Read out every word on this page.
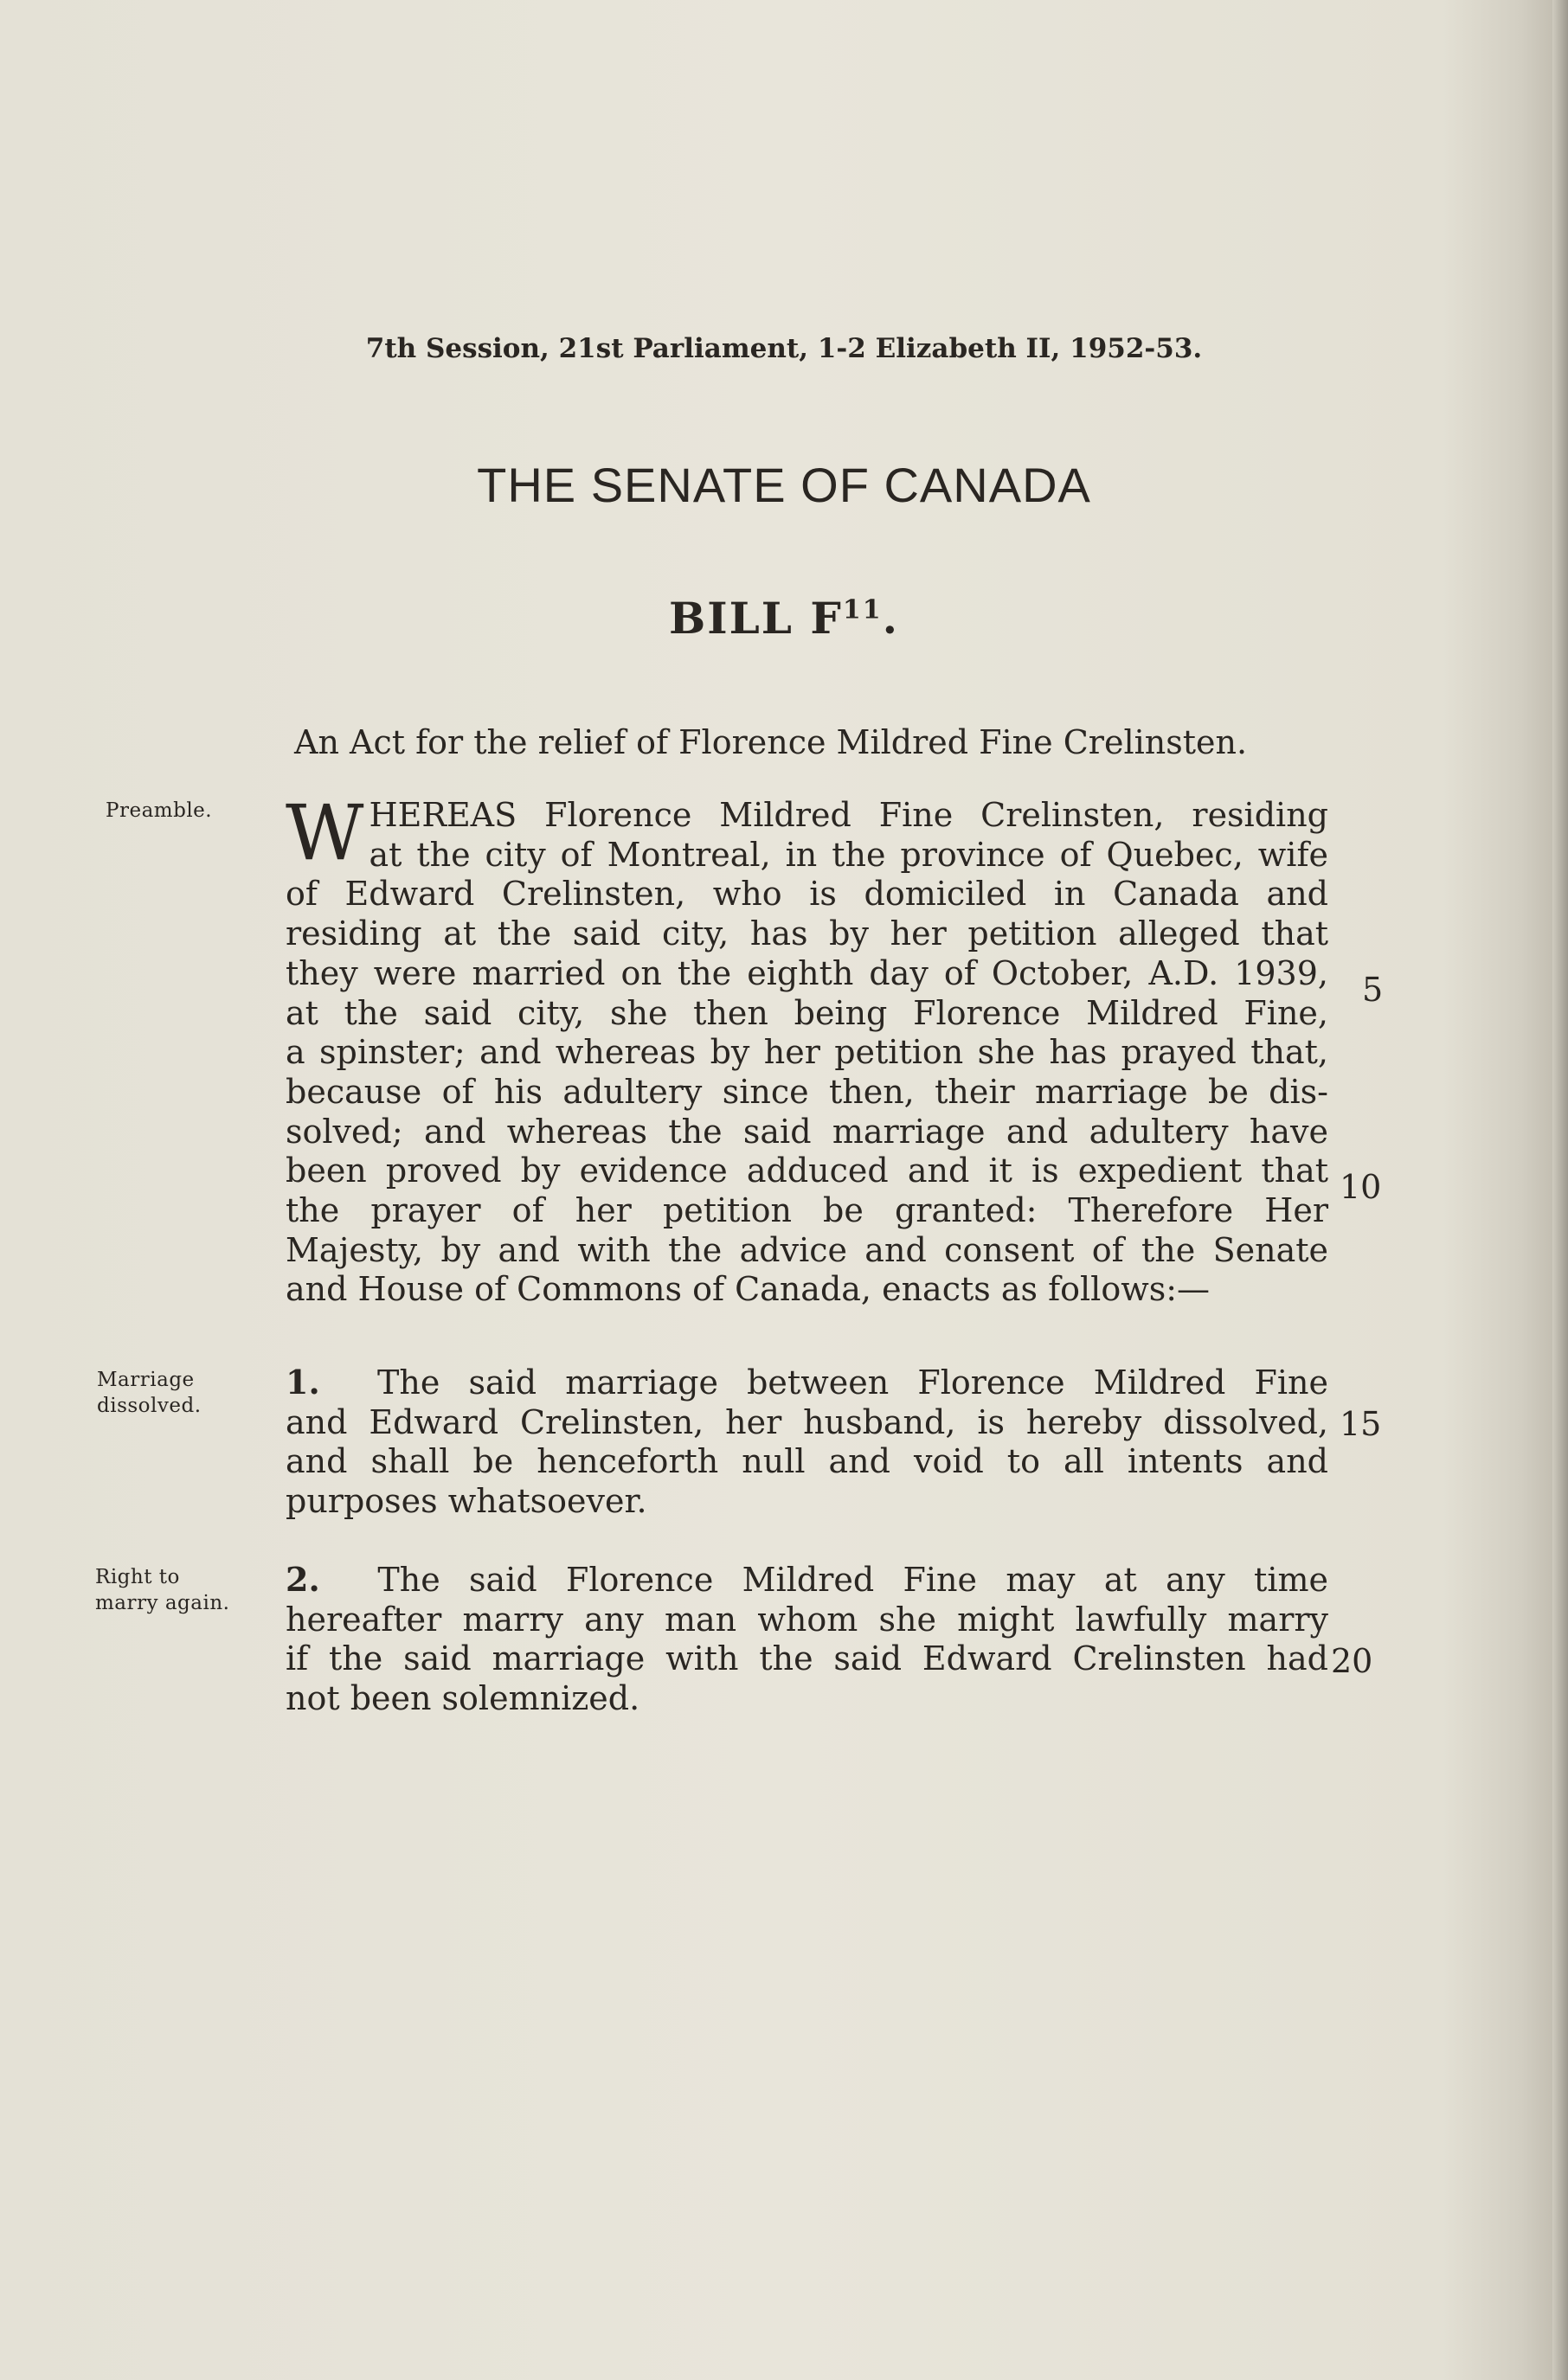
7th Session, 21st Parliament, 1-2 Elizabeth II, 1952-53.
THE SENATE OF CANADA
BILL $F^{11}$.
An Act for the relief of Florence Mildred Fine Crelinsten.
Preamble. W HEREAS Florence Mildred Fine Crelinsten, residing
at the city of Montreal, in the province of Quebec, wife
of Edward Crelinsten, who is domiciled in Canada and
residing at the said city, has by her petition alleged that
they were married on the eighth day of October, A.D. 1939,
at the said city, she then being Florence Mildred Fine,
a spinster; and whereas by her petition she has prayed that,
because of his adultery since then, their marriage be dis-
solved; and whereas the said marriage and adultery have
been proved by evidence adduced and it is expedient that
the prayer of her petition be granted: Therefore Her
Majesty, by and with the advice and consent of the Senate
and House of Commons of Canada, enacts as follows:—
Marriage
dissolved.
1. The said marriage between Florence Mildred Fine
and Edward Crelinsten, her husband, is hereby dissolved,
and shall be henceforth null and void to all intents and
purposes whatsoever.
Right to
marry again.
2. The said Florence Mildred Fine may at any time
hereafter marry any man whom she might lawfully marry
if the said marriage with the said Edward Crelinsten had
not been solemnized.
5
10
15
20
